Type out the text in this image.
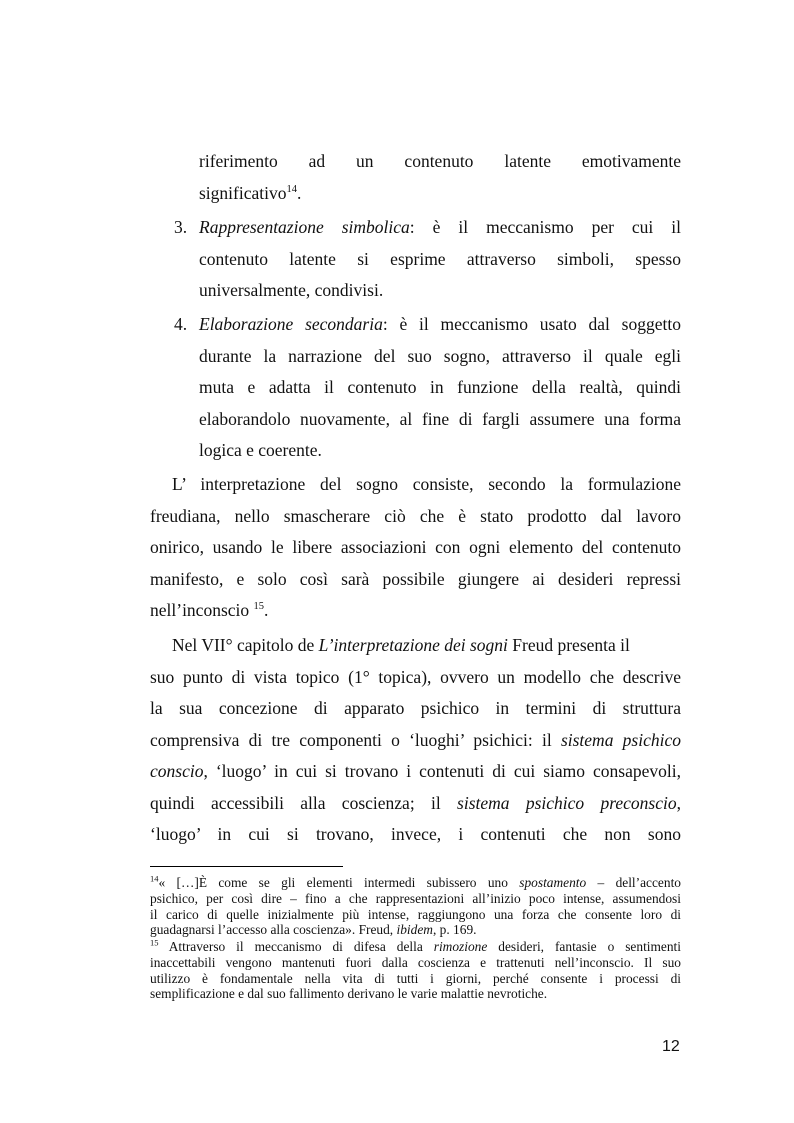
riferimento ad un contenuto latente emotivamente
significativo$^{14}$.
3. Rappresentazione simbolica: è il meccanismo per cui il
contenuto latente si esprime attraverso simboli, spesso
universalmente, condivisi.
4. Elaborazione secondaria: è il meccanismo usato dal soggetto
durante la narrazione del suo sogno, attraverso il quale egli
muta e adatta il contenuto in funzione della realtà, quindi
elaborandolo nuovamente, al fine di fargli assumere una forma
logica e coerente.
L’ interpretazione del sogno consiste, secondo la formulazione
freudiana, nello smascherare ciò che è stato prodotto dal lavoro
onirico, usando le libere associazioni con ogni elemento del contenuto
manifesto, e solo così sarà possibile giungere ai desideri repressi
nell’inconscio $^{15}$.
Nel VII° capitolo de L’interpretazione dei sogni Freud presenta il
suo punto di vista topico (1° topica), ovvero un modello che descrive
la sua concezione di apparato psichico in termini di struttura
comprensiva di tre componenti o ‘luoghi’ psichici: il sistema psichico
conscio, ‘luogo’ in cui si trovano i contenuti di cui siamo consapevoli,
quindi accessibili alla coscienza; il sistema psichico preconscio,
‘luogo’ in cui si trovano, invece, i contenuti che non sono
$^{14}$« […]È come se gli elementi intermedi subissero uno spostamento – dell’accento
psichico, per così dire – fino a che rappresentazioni all’inizio poco intense, assumendosi
il carico di quelle inizialmente più intense, raggiungono una forza che consente loro di
guadagnarsi l’accesso alla coscienza». Freud, ibidem, p. 169.
$^{15}$ Attraverso il meccanismo di difesa della rimozione desideri, fantasie o sentimenti
inaccettabili vengono mantenuti fuori dalla coscienza e trattenuti nell’inconscio. Il suo
utilizzo è fondamentale nella vita di tutti i giorni, perché consente i processi di
semplificazione e dal suo fallimento derivano le varie malattie nevrotiche.
12
